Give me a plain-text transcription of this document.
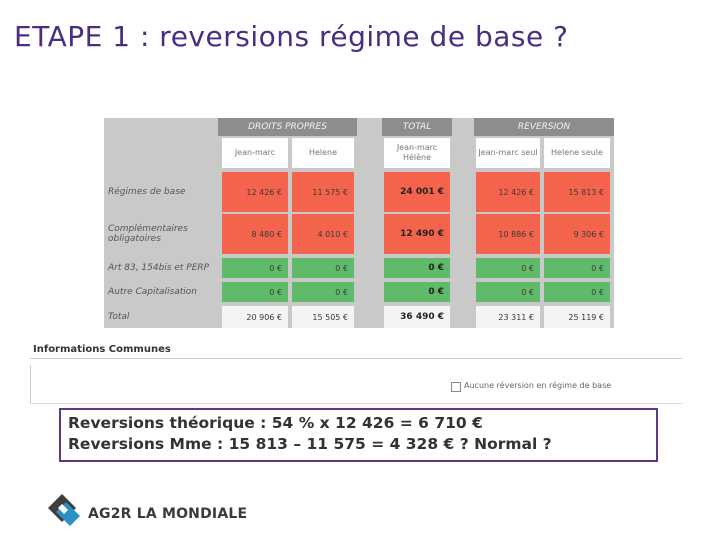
ETAPE 1 : reversions régime de base ?
DROITS PROPRES	TOTAL	REVERSION
Jean-marc	Helene
Jean-marc Hélène
Jean-marc seul	Helene seule
Régimes de base	12 426 €	11 575 €	24 001 €	12 426 €	15 813 €
Complémentaires obligatoires	8 480 €	4 010 €	12 490 €	10 886 €	9 306 €
Art 83, 154bis et PERP	0 €	0 €	0 €	0 €	0 €
Autre Capitalisation	0 €	0 €	0 €	0 €	0 €
Total	20 906 €	15 505 €	36 490 €	23 311 €	25 119 €
Informations Communes
Aucune réversion en régime de base
Reversions théorique : 54 % x 12 426 = 6 710 €
Reversions Mme : 15 813 – 11 575 = 4 328 € ? Normal ?
AG2R LA MONDIALE
